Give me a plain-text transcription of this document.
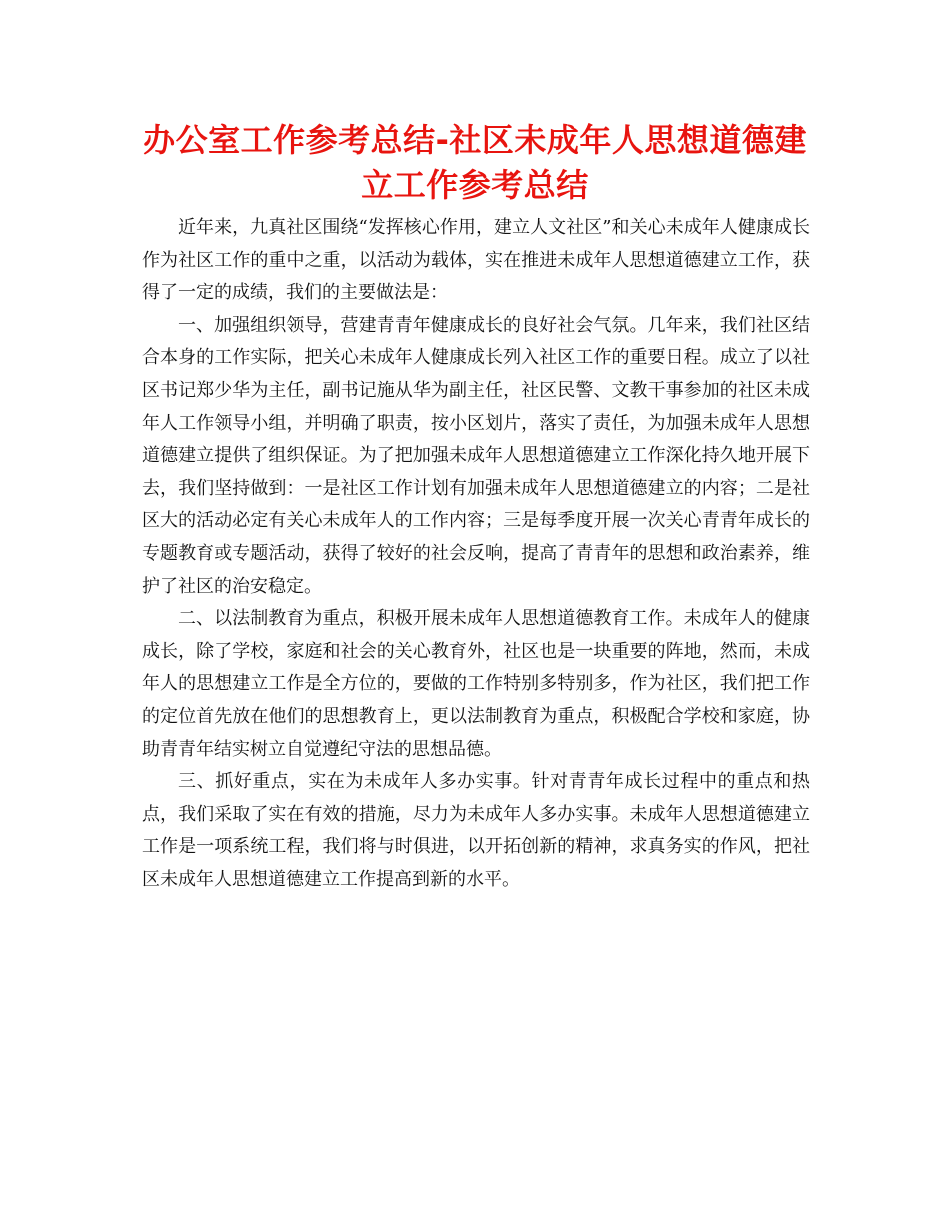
办公室工作参考总结-社区未成年人思想道德建立工作参考总结

近年来，九真社区围绕“发挥核心作用，建立人文社区”和关心未成年人健康成长作为社区工作的重中之重，以活动为载体，实在推进未成年人思想道德建立工作，获得了一定的成绩，我们的主要做法是：

一、加强组织领导，营建青青年健康成长的良好社会气氛。几年来，我们社区结合本身的工作实际，把关心未成年人健康成长列入社区工作的重要日程。成立了以社区书记郑少华为主任，副书记施从华为副主任，社区民警、文教干事参加的社区未成年人工作领导小组，并明确了职责，按小区划片，落实了责任，为加强未成年人思想道德建立提供了组织保证。为了把加强未成年人思想道德建立工作深化持久地开展下去，我们坚持做到：一是社区工作计划有加强未成年人思想道德建立的内容；二是社区大的活动必定有关心未成年人的工作内容；三是每季度开展一次关心青青年成长的专题教育或专题活动，获得了较好的社会反响，提高了青青年的思想和政治素养，维护了社区的治安稳定。

二、以法制教育为重点，积极开展未成年人思想道德教育工作。未成年人的健康成长，除了学校，家庭和社会的关心教育外，社区也是一块重要的阵地，然而，未成年人的思想建立工作是全方位的，要做的工作特别多特别多，作为社区，我们把工作的定位首先放在他们的思想教育上，更以法制教育为重点，积极配合学校和家庭，协助青青年结实树立自觉遵纪守法的思想品德。

三、抓好重点，实在为未成年人多办实事。针对青青年成长过程中的重点和热点，我们采取了实在有效的措施，尽力为未成年人多办实事。未成年人思想道德建立工作是一项系统工程，我们将与时俱进，以开拓创新的精神，求真务实的作风，把社区未成年人思想道德建立工作提高到新的水平。
